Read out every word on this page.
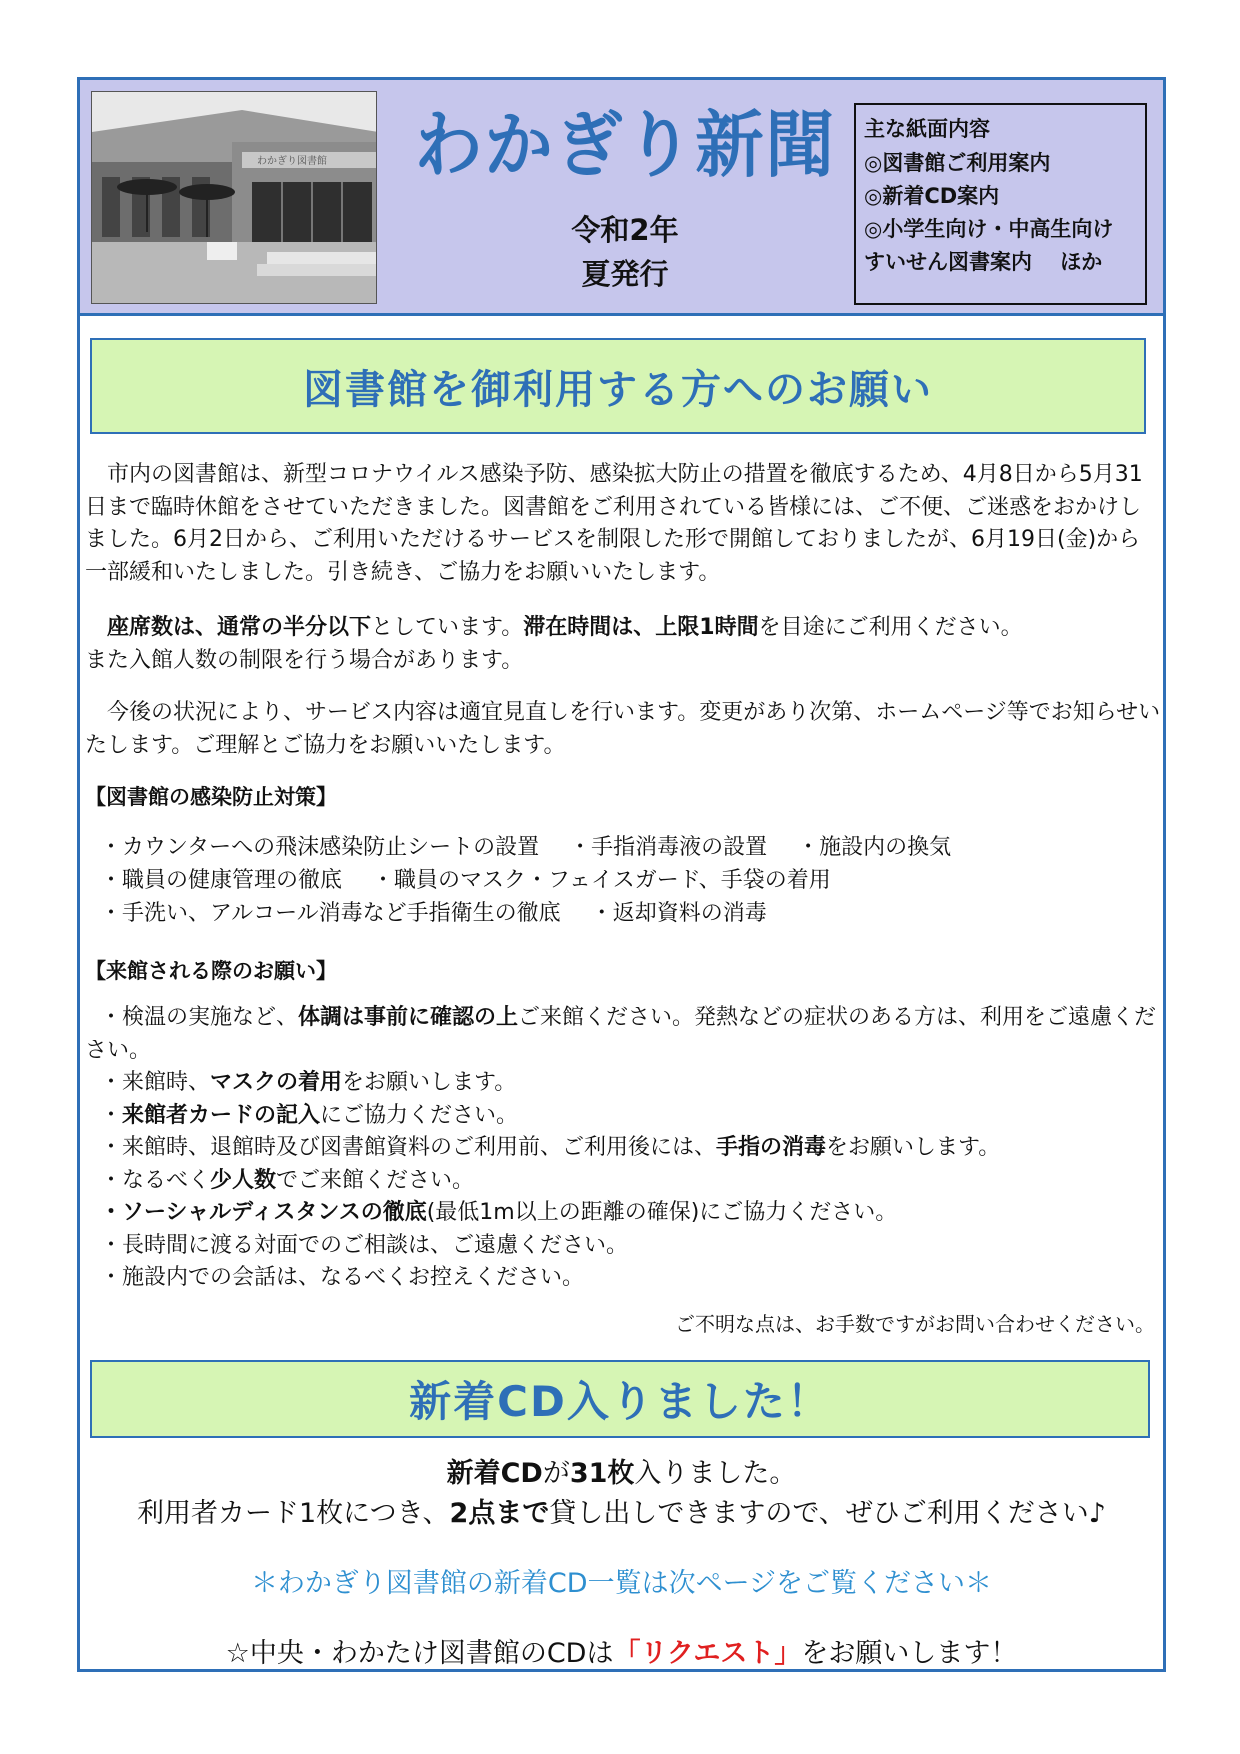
わかぎり図書館	わかぎり新聞
令和2年
夏発行
主な紙面内容
◎図書館ご利用案内
◎新着CD案内
◎小学生向け・中高生向け
すいせん図書案内　 ほか
図書館を御利用する方へのお願い
市内の図書館は、新型コロナウイルス感染予防、感染拡大防止の措置を徹底するため、4月8日から5月31日まで臨時休館をさせていただきました。図書館をご利用されている皆様には、ご不便、ご迷惑をおかけしました。6月2日から、ご利用いただけるサービスを制限した形で開館しておりましたが、6月19日(金)から一部緩和いたしました。引き続き、ご協力をお願いいたします。
座席数は、通常の半分以下としています。滞在時間は、上限1時間を目途にご利用ください。
また入館人数の制限を行う場合があります。
今後の状況により、サービス内容は適宜見直しを行います。変更があり次第、ホームページ等でお知らせいたします。ご理解とご協力をお願いいたします。
【図書館の感染防止対策】
・カウンターへの飛沫感染防止シートの設置 ・手指消毒液の設置 ・施設内の換気
・職員の健康管理の徹底 ・職員のマスク・フェイスガード、手袋の着用
・手洗い、アルコール消毒など手指衛生の徹底 ・返却資料の消毒
【来館される際のお願い】
・検温の実施など、体調は事前に確認の上ご来館ください。発熱などの症状のある方は、利用をご遠慮ください。
・来館時、マスクの着用をお願いします。
・来館者カードの記入にご協力ください。
・来館時、退館時及び図書館資料のご利用前、ご利用後には、手指の消毒をお願いします。
・なるべく少人数でご来館ください。
・ソーシャルディスタンスの徹底(最低1m以上の距離の確保)にご協力ください。
・長時間に渡る対面でのご相談は、ご遠慮ください。
・施設内での会話は、なるべくお控えください。
ご不明な点は、お手数ですがお問い合わせください。
新着CD入りました！
新着CDが31枚入りました。
利用者カード1枚につき、2点まで貸し出しできますので、ぜひご利用ください♪
＊わかぎり図書館の新着CD一覧は次ページをご覧ください＊
☆中央・わかたけ図書館のCDは「リクエスト」をお願いします！
